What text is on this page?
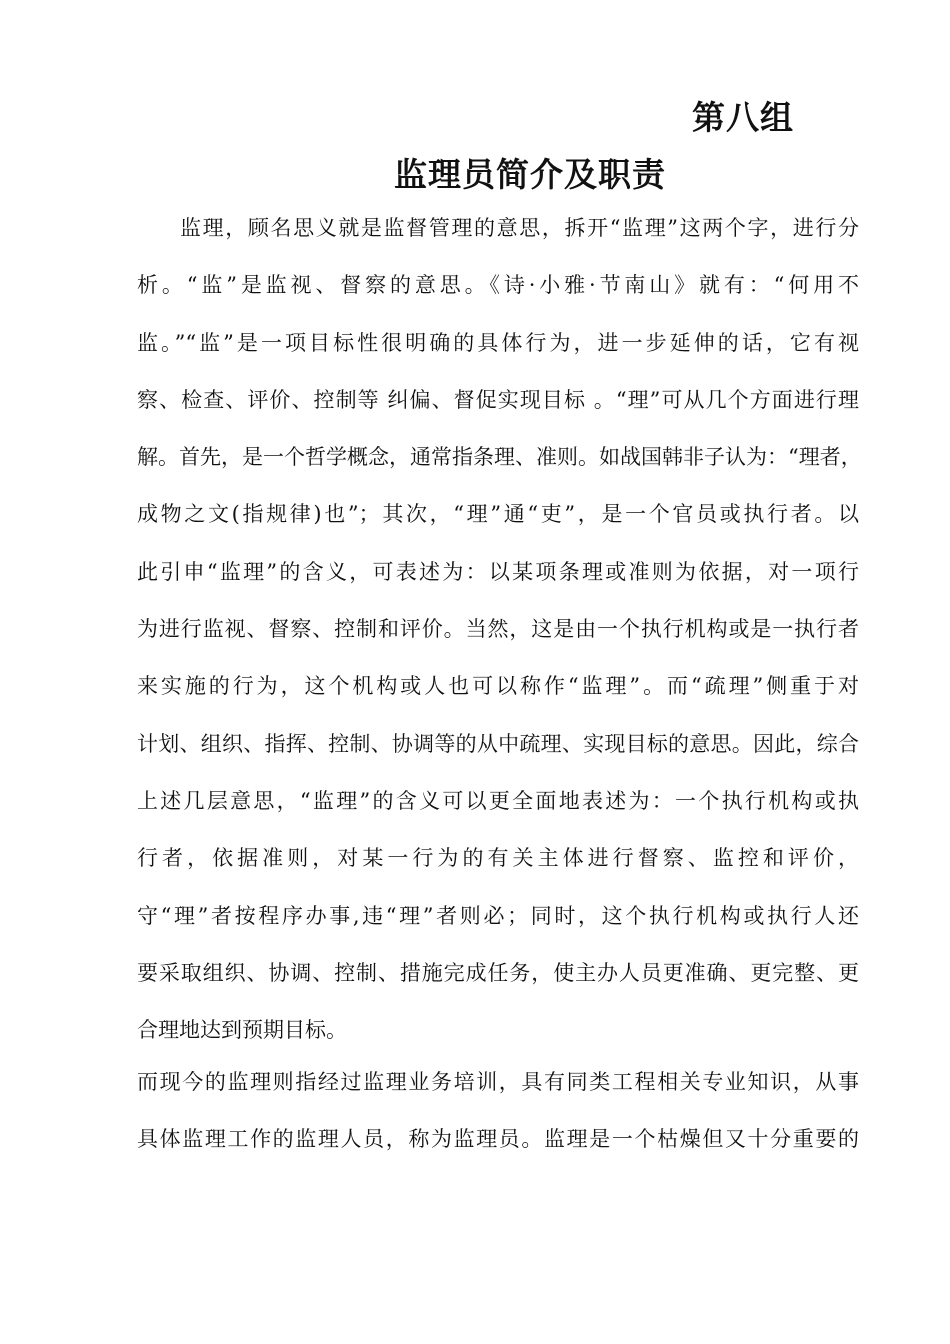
第八组
监理员简介及职责
监理，顾名思义就是监督管理的意思，拆开“监理”这两个字，进行分
析。“监”是监视、督察的意思。《诗·小雅·节南山》就有：“何用不
监。”“监”是一项目标性很明确的具体行为，进一步延伸的话，它有视
察、检查、评价、控制等 纠偏、督促实现目标 。“理”可从几个方面进行理
解。首先，是一个哲学概念，通常指条理、准则。如战国韩非子认为：“理者，
成物之文(指规律)也”；其次，“理”通“吏”，是一个官员或执行者。以
此引申“监理”的含义，可表述为：以某项条理或准则为依据，对一项行
为进行监视、督察、控制和评价。当然，这是由一个执行机构或是一执行者
来实施的行为，这个机构或人也可以称作“监理”。而“疏理”侧重于对
计划、组织、指挥、控制、协调等的从中疏理、实现目标的意思。因此，综合
上述几层意思，“监理”的含义可以更全面地表述为：一个执行机构或执
行者，依据准则，对某一行为的有关主体进行督察、监控和评价，
守“理”者按程序办事,违“理”者则必；同时，这个执行机构或执行人还
要采取组织、协调、控制、措施完成任务，使主办人员更准确、更完整、更
合理地达到预期目标。
而现今的监理则指经过监理业务培训，具有同类工程相关专业知识，从事
具体监理工作的监理人员，称为监理员。监理是一个枯燥但又十分重要的
